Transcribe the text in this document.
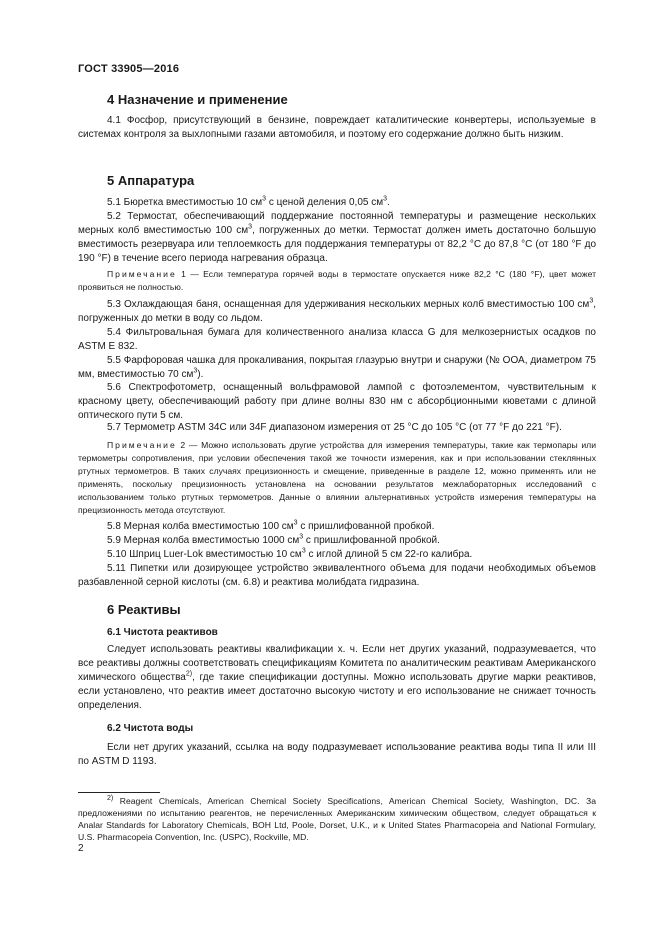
ГОСТ 33905—2016
4 Назначение и применение
4.1 Фосфор, присутствующий в бензине, повреждает каталитические конвертеры, используемые в системах контроля за выхлопными газами автомобиля, и поэтому его содержание должно быть низким.
5 Аппаратура
5.1 Бюретка вместимостью 10 $см^3$ с ценой деления 0,05 $см^3$.
5.2 Термостат, обеспечивающий поддержание постоянной температуры и размещение нескольких мерных колб вместимостью 100 $см^3$, погруженных до метки. Термостат должен иметь достаточно большую вместимость резервуара или теплоемкость для поддержания температуры от 82,2 °С до 87,8 °С (от 180 °F до 190 °F) в течение всего периода нагревания образца.
Примечание 1 — Если температура горячей воды в термостате опускается ниже 82,2 °С (180 °F), цвет может проявиться не полностью.
5.3 Охлаждающая баня, оснащенная для удерживания нескольких мерных колб вместимостью 100 $см^3$, погруженных до метки в воду со льдом.
5.4 Фильтровальная бумага для количественного анализа класса G для мелкозернистых осадков по ASTM E 832.
5.5 Фарфоровая чашка для прокаливания, покрытая глазурью внутри и снаружи (№ ООА, диаметром 75 мм, вместимостью 70 $см^3$).
5.6 Спектрофотометр, оснащенный вольфрамовой лампой с фотоэлементом, чувствительным к красному цвету, обеспечивающий работу при длине волны 830 нм с абсорбционными кюветами с длиной оптического пути 5 см.
5.7 Термометр ASTM 34C или 34F диапазоном измерения от 25 °С до 105 °С (от 77 °F до 221 °F).
Примечание 2 — Можно использовать другие устройства для измерения температуры, такие как термопары или термометры сопротивления, при условии обеспечения такой же точности измерения, как и при использовании стеклянных ртутных термометров. В таких случаях прецизионность и смещение, приведенные в разделе 12, можно применять или не применять, поскольку прецизионность установлена на основании результатов межлабораторных исследований с использованием только ртутных термометров. Данные о влиянии альтернативных устройств измерения температуры на прецизионность метода отсутствуют.
5.8 Мерная колба вместимостью 100 $см^3$ с пришлифованной пробкой.
5.9 Мерная колба вместимостью 1000 $см^3$ с пришлифованной пробкой.
5.10 Шприц Luer-Lok вместимостью 10 $см^3$ с иглой длиной 5 см 22-го калибра.
5.11 Пипетки или дозирующее устройство эквивалентного объема для подачи необходимых объемов разбавленной серной кислоты (см. 6.8) и реактива молибдата гидразина.
6 Реактивы
6.1 Чистота реактивов
Следует использовать реактивы квалификации х. ч. Если нет других указаний, подразумевается, что все реактивы должны соответствовать спецификациям Комитета по аналитическим реактивам Американского химического общества$^{2)}$, где такие спецификации доступны. Можно использовать другие марки реактивов, если установлено, что реактив имеет достаточно высокую чистоту и его использование не снижает точность определения.
6.2 Чистота воды
Если нет других указаний, ссылка на воду подразумевает использование реактива воды типа II или III по ASTM D 1193.
$^{2)}$ Reagent Chemicals, American Chemical Society Specifications, American Chemical Society, Washington, DC. За предложениями по испытанию реагентов, не перечисленных Американским химическим обществом, следует обращаться к Analar Standards for Laboratory Chemicals, BOH Ltd, Poole, Dorset, U.K., и к United States Pharmacopeia and National Formulary, U.S. Pharmacopeia Convention, Inc. (USPC), Rockville, MD.
2
